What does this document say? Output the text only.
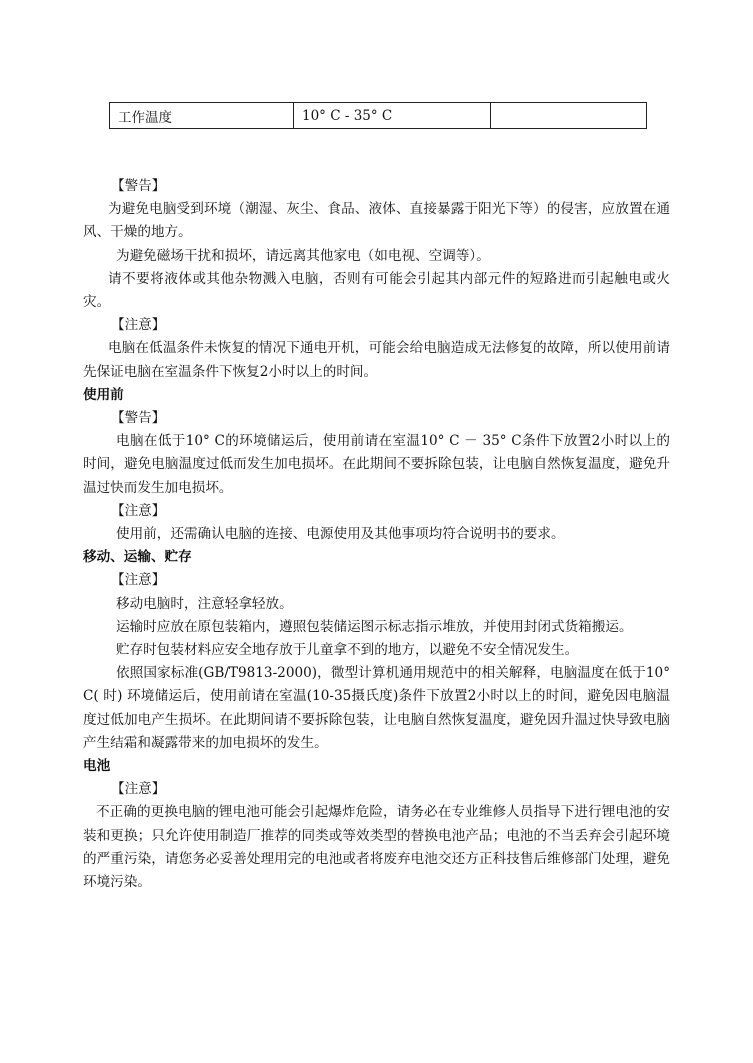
工作温度	10° C - 35° C	

【警告】

为避免电脑受到环境（潮湿、灰尘、食品、液体、直接暴露于阳光下等）的侵害，应放置在通风、干燥的地方。

为避免磁场干扰和损坏，请远离其他家电（如电视、空调等）。

请不要将液体或其他杂物溅入电脑，否则有可能会引起其内部元件的短路进而引起触电或火灾。

【注意】

电脑在低温条件未恢复的情况下通电开机，可能会给电脑造成无法修复的故障，所以使用前请先保证电脑在室温条件下恢复2小时以上的时间。

使用前

【警告】

电脑在低于10° C的环境储运后，使用前请在室温10° C － 35° C条件下放置2小时以上的时间，避免电脑温度过低而发生加电损坏。在此期间不要拆除包装，让电脑自然恢复温度，避免升温过快而发生加电损坏。

【注意】

使用前，还需确认电脑的连接、电源使用及其他事项均符合说明书的要求。

移动、运输、贮存

【注意】

移动电脑时，注意轻拿轻放。

运输时应放在原包装箱内，遵照包装储运图示标志指示堆放，并使用封闭式货箱搬运。

贮存时包装材料应安全地存放于儿童拿不到的地方，以避免不安全情况发生。

依照国家标准(GB/T9813-2000)，微型计算机通用规范中的相关解释，电脑温度在低于10° C( 时) 环境储运后，使用前请在室温(10-35摄氏度)条件下放置2小时以上的时间，避免因电脑温度过低加电产生损坏。在此期间请不要拆除包装，让电脑自然恢复温度，避免因升温过快导致电脑产生结霜和凝露带来的加电损坏的发生。

电池

【注意】

不正确的更换电脑的锂电池可能会引起爆炸危险，请务必在专业维修人员指导下进行锂电池的安装和更换；只允许使用制造厂推荐的同类或等效类型的替换电池产品；电池的不当丢弃会引起环境的严重污染，请您务必妥善处理用完的电池或者将废弃电池交还方正科技售后维修部门处理，避免环境污染。
